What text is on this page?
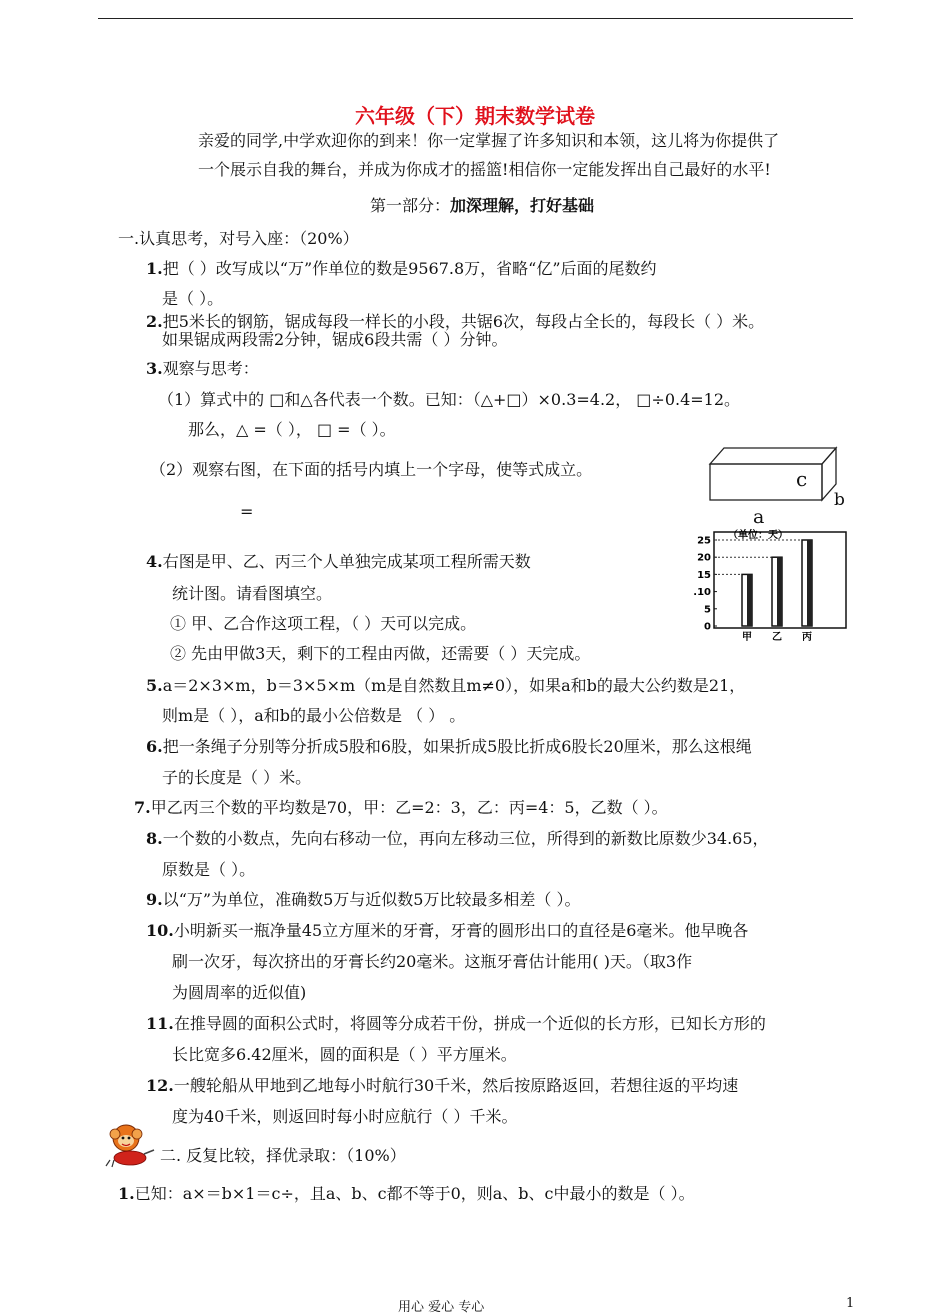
六年级（下）期末数学试卷
亲爱的同学,中学欢迎你的到来！你一定掌握了许多知识和本领，这儿将为你提供了
一个展示自我的舞台，并成为你成才的摇篮!相信你一定能发挥出自己最好的水平!
第一部分：加深理解，打好基础
一.认真思考，对号入座：（20%）
1.把（ ）改写成以“万”作单位的数是9567.8万，省略“亿”后面的尾数约
是（ ）。
2.把5米长的钢筋，锯成每段一样长的小段，共锯6次，每段占全长的，每段长（ ）米。
如果锯成两段需2分钟，锯成6段共需（ ）分钟。
3.观察与思考：
（1）算式中的 □和△各代表一个数。已知：（△+□）×0.3=4.2， □÷0.4=12。
那么，△ =（ ）， □ =（ ）。
（2）观察右图，在下面的括号内填上一个字母，使等式成立。
=
c
b
a
4.右图是甲、乙、丙三个人单独完成某项工程所需天数
统计图。请看图填空。
① 甲、乙合作这项工程，（ ）天可以完成。
② 先由甲做3天，剩下的工程由丙做，还需要（ ）天完成。
（单位：天）
25
20
15
.10
5
0
甲 乙 丙
5.a＝2×3×m，b＝3×5×m（m是自然数且m≠0），如果a和b的最大公约数是21，
则m是（ ），a和b的最小公倍数是 （ ） 。
6.把一条绳子分别等分折成5股和6股，如果折成5股比折成6股长20厘米，那么这根绳
子的长度是（ ）米。
7.甲乙丙三个数的平均数是70，甲：乙=2：3，乙：丙=4：5，乙数（ ）。
8.一个数的小数点，先向右移动一位，再向左移动三位，所得到的新数比原数少34.65，
原数是（ ）。
9.以“万”为单位，准确数5万与近似数5万比较最多相差（ ）。
10.小明新买一瓶净量45立方厘米的牙膏，牙膏的圆形出口的直径是6毫米。他早晚各
刷一次牙，每次挤出的牙膏长约20毫米。这瓶牙膏估计能用( )天。（取3作
为圆周率的近似值)
11.在推导圆的面积公式时，将圆等分成若干份，拼成一个近似的长方形，已知长方形的
长比宽多6.42厘米，圆的面积是（ ）平方厘米。
12.一艘轮船从甲地到乙地每小时航行30千米，然后按原路返回，若想往返的平均速
度为40千米，则返回时每小时应航行（ ）千米。
二. 反复比较，择优录取：（10%）
1.已知：a×＝b×1＝c÷，且a、b、c都不等于0，则a、b、c中最小的数是（ ）。
用心 爱心 专心	1
